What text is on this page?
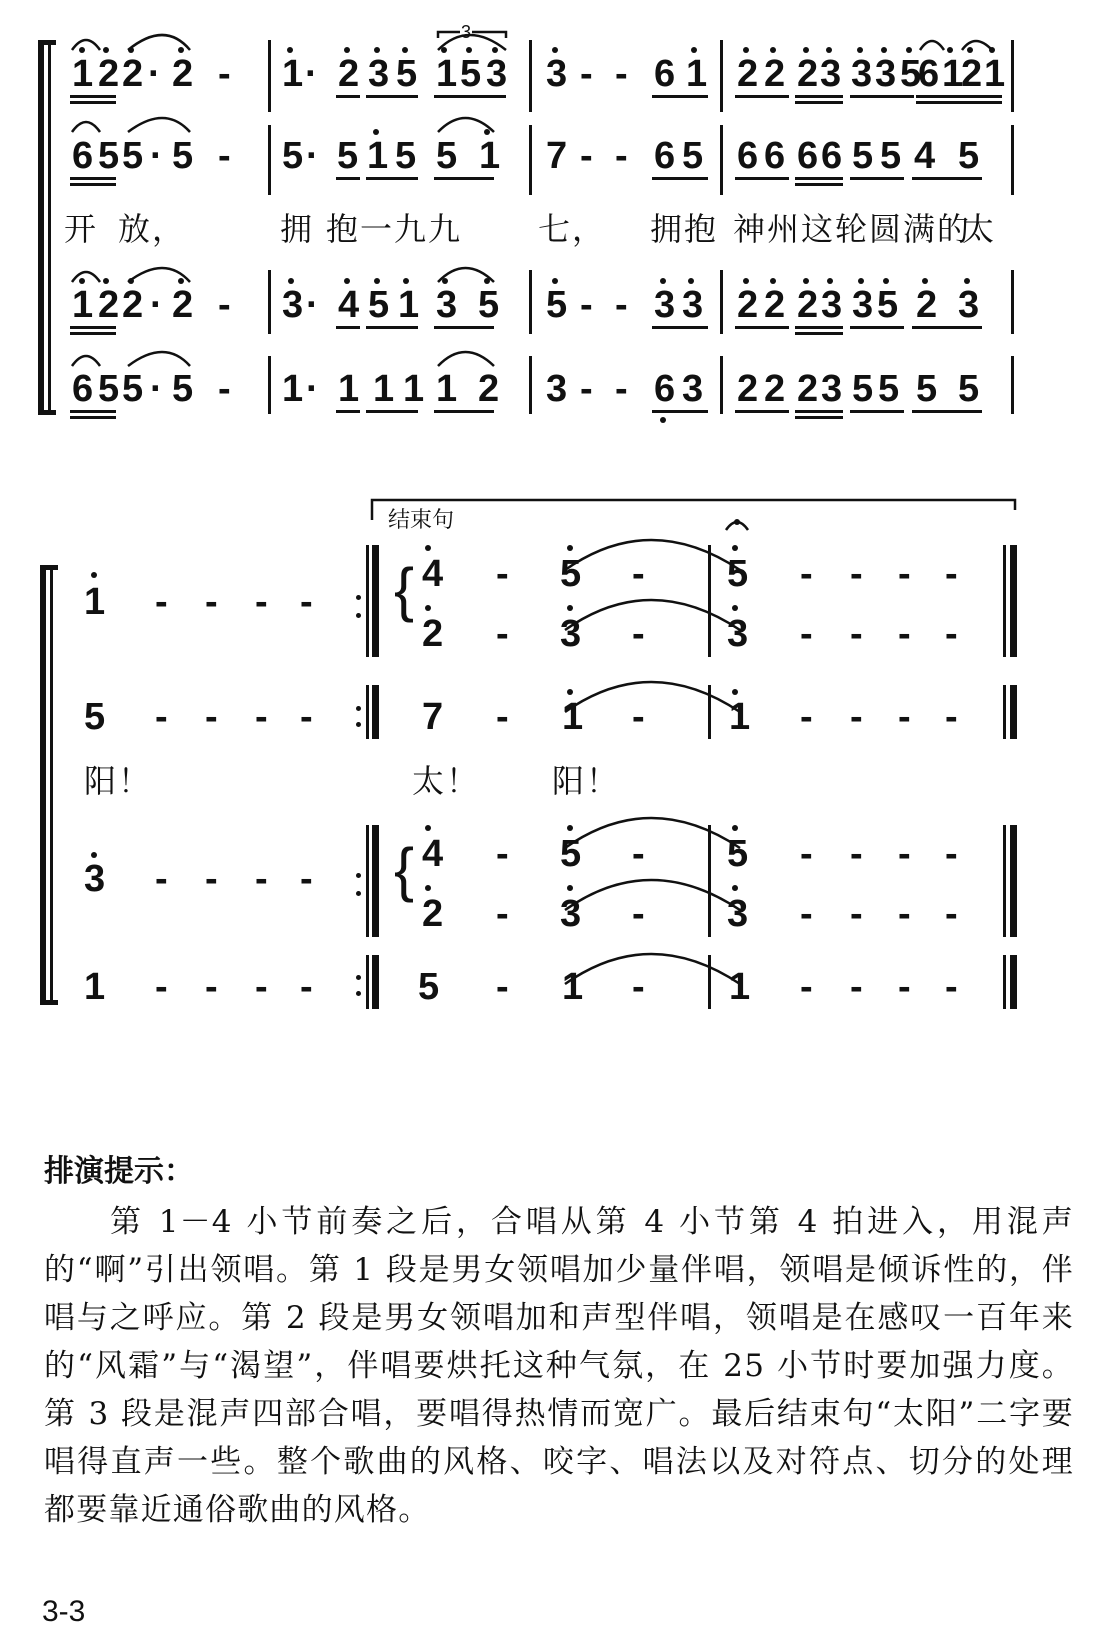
1 2 2 · 2 - 1 · 2 3 5 1 5 3 3 - - 6 1 2 2 2 3 3 3 5
6 1
2 1
6 5 5 · 5 - 5 · 5 1 5 5 1 7 - - 6 5 6 6 6 6 5 5 4 5
开 放，	拥 抱一九九 七， 拥抱 神州这轮圆满的
太
1 2 2 · 2 - 3 · 4 5 1 3 5 5 - - 3 3 2 2 2 3 3 5 2 3
6 5 5 · 5 - 1 · 1 1 1 1 2 3 - - 6 3 2 2 2 3 5 5 5 5
3
结束句
1 - - - -
4
2
-
-
5
3
-
-
5
3
- - - -
- - - -
{
5 - - - -	7 - 1 - 1 - - - -
阳！	太！ 阳！
3 - - - - { 4
2
-
-
5
3
-
-
5
3
- - - -
- - - -
1 - - - -	5 - 1 - 1 - - - -
排演提示：
第 1－4 小节前奏之后，合唱从第 4 小节第 4 拍进入，用混声的“啊”引出领唱。第 1 段是男女领唱加少量伴唱，领唱是倾诉性的，伴唱与之呼应。第 2 段是男女领唱加和声型伴唱，领唱是在感叹一百年来的“风霜”与“渴望”，伴唱要烘托这种气氛，在 25 小节时要加强力度。第 3 段是混声四部合唱，要唱得热情而宽广。最后结束句“太阳”二字要唱得直声一些。整个歌曲的风格、咬字、唱法以及对符点、切分的处理都要靠近通俗歌曲的风格。
3-3
